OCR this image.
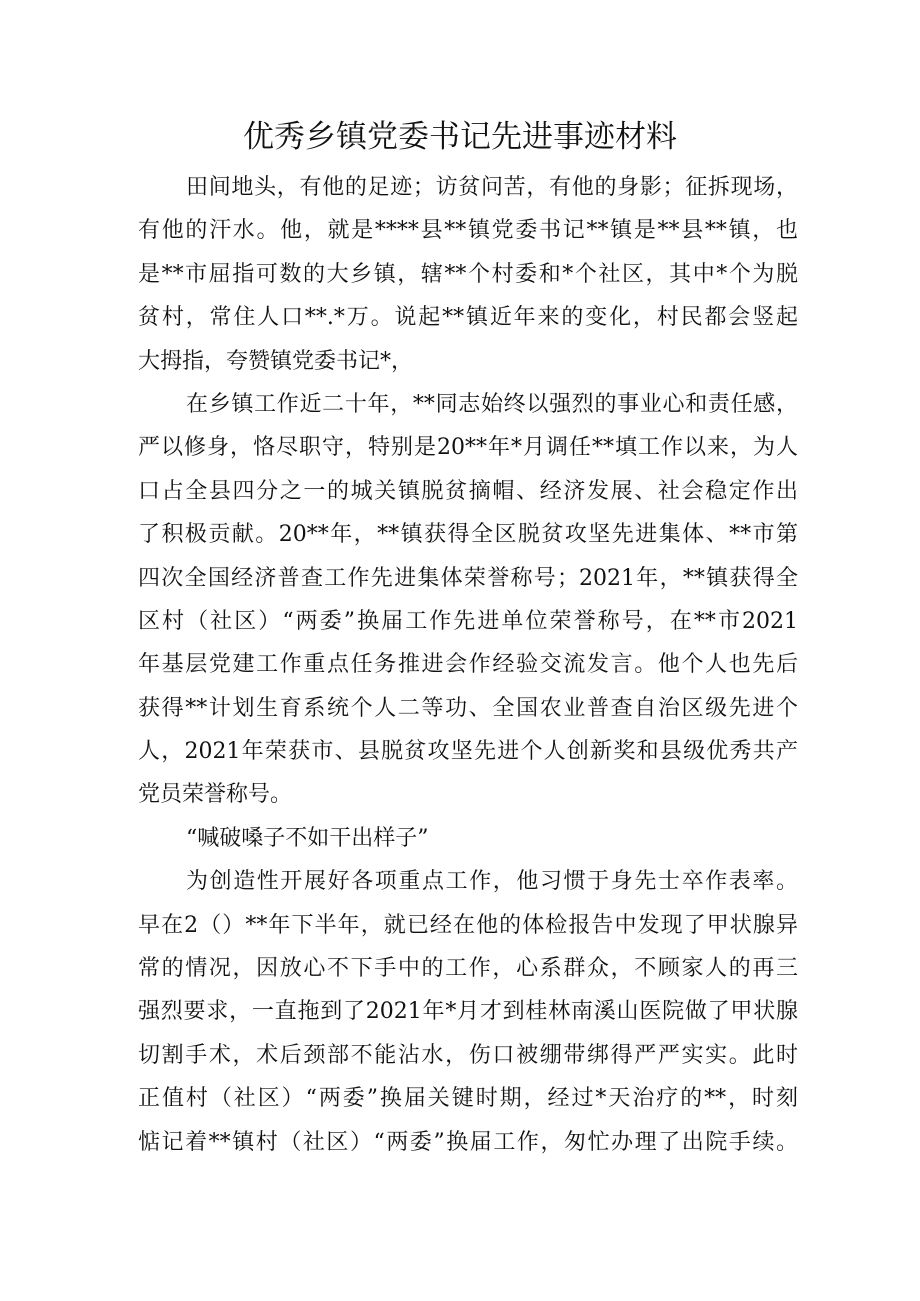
优秀乡镇党委书记先进事迹材料
田间地头，有他的足迹；访贫问苦，有他的身影；征拆现场，
有他的汗水。他，就是****县**镇党委书记**镇是**县**镇，也
是**市屈指可数的大乡镇，辖**个村委和*个社区，其中*个为脱
贫村，常住人口**.*万。说起**镇近年来的变化，村民都会竖起
大拇指，夸赞镇党委书记*，
在乡镇工作近二十年，**同志始终以强烈的事业心和责任感，
严以修身，恪尽职守，特别是20**年*月调任**填工作以来，为人
口占全县四分之一的城关镇脱贫摘帽、经济发展、社会稳定作出
了积极贡献。20**年，**镇获得全区脱贫攻坚先进集体、**市第
四次全国经济普查工作先进集体荣誉称号；2021年，**镇获得全
区村（社区）“两委”换届工作先进单位荣誉称号，在**市2021
年基层党建工作重点任务推进会作经验交流发言。他个人也先后
获得**计划生育系统个人二等功、全国农业普查自治区级先进个
人，2021年荣获市、县脱贫攻坚先进个人创新奖和县级优秀共产
党员荣誉称号。
“喊破嗓子不如干出样子”
为创造性开展好各项重点工作，他习惯于身先士卒作表率。
早在2（）**年下半年，就已经在他的体检报告中发现了甲状腺异
常的情况，因放心不下手中的工作，心系群众，不顾家人的再三
强烈要求，一直拖到了2021年*月才到桂林南溪山医院做了甲状腺
切割手术，术后颈部不能沾水，伤口被绷带绑得严严实实。此时
正值村（社区）“两委”换届关键时期，经过*天治疗的**，时刻
惦记着**镇村（社区）“两委”换届工作，匆忙办理了出院手续。
